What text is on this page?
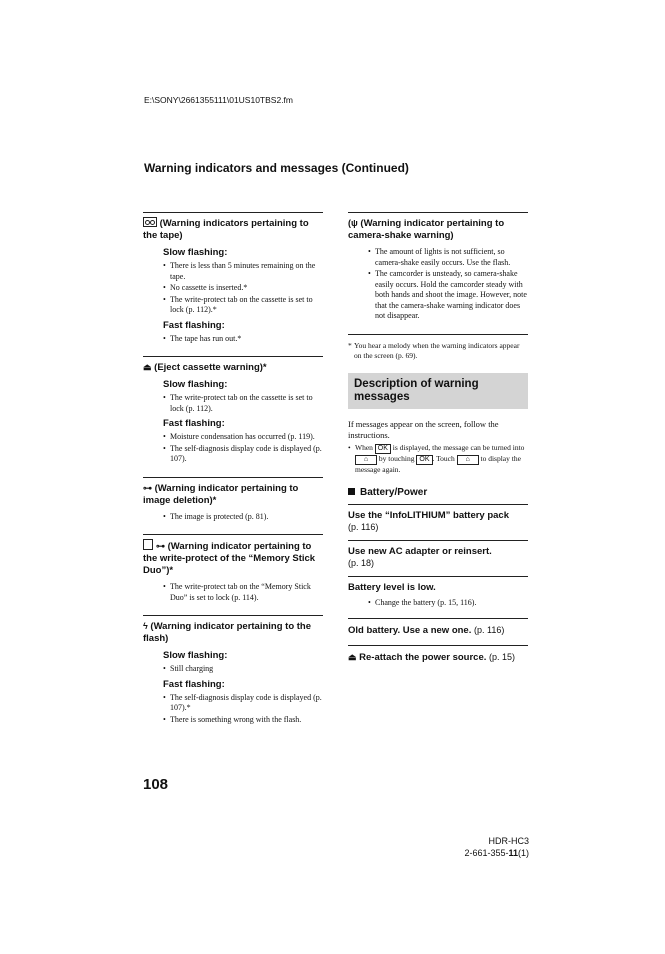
E:\SONY\2661355111\01US10TBS2.fm
Warning indicators and messages (Continued)
(Warning indicators pertaining to the tape)
Slow flashing:
• There is less than 5 minutes remaining on the tape.
• No cassette is inserted.*
• The write-protect tab on the cassette is set to lock (p. 112).*
Fast flashing:
• The tape has run out.*
⏏ (Eject cassette warning)*
Slow flashing:
• The write-protect tab on the cassette is set to lock (p. 112).
Fast flashing:
• Moisture condensation has occurred (p. 119).
• The self-diagnosis display code is displayed (p. 107).
⊶ (Warning indicator pertaining to image deletion)*
• The image is protected (p. 81).
⊶ (Warning indicator pertaining to the write-protect of the “Memory Stick Duo”)*
• The write-protect tab on the “Memory Stick Duo” is set to lock (p. 114).
ϟ (Warning indicator pertaining to the flash)
Slow flashing:
• Still charging
Fast flashing:
• The self-diagnosis display code is displayed (p. 107).*
• There is something wrong with the flash.
(ψ (Warning indicator pertaining to camera-shake warning)
• The amount of lights is not sufficient, so camera-shake easily occurs. Use the flash.
• The camcorder is unsteady, so camera-shake easily occurs. Hold the camcorder steady with both hands and shoot the image. However, note that the camera-shake warning indicator does not disappear.
* You hear a melody when the warning indicators appear on the screen (p. 69).
Description of warning messages
If messages appear on the screen, follow the instructions.
• When OK is displayed, the message can be turned into ⌂ by touching OK . Touch ⌂ to display the message again.
Battery/Power
Use the “InfoLITHIUM” battery pack
(p. 116)
Use new AC adapter or reinsert.
(p. 18)
Battery level is low.
• Change the battery (p. 15, 116).
Old battery. Use a new one. (p. 116)
⏏ Re-attach the power source. (p. 15)
108
HDR-HC3
2-661-355-11(1)
